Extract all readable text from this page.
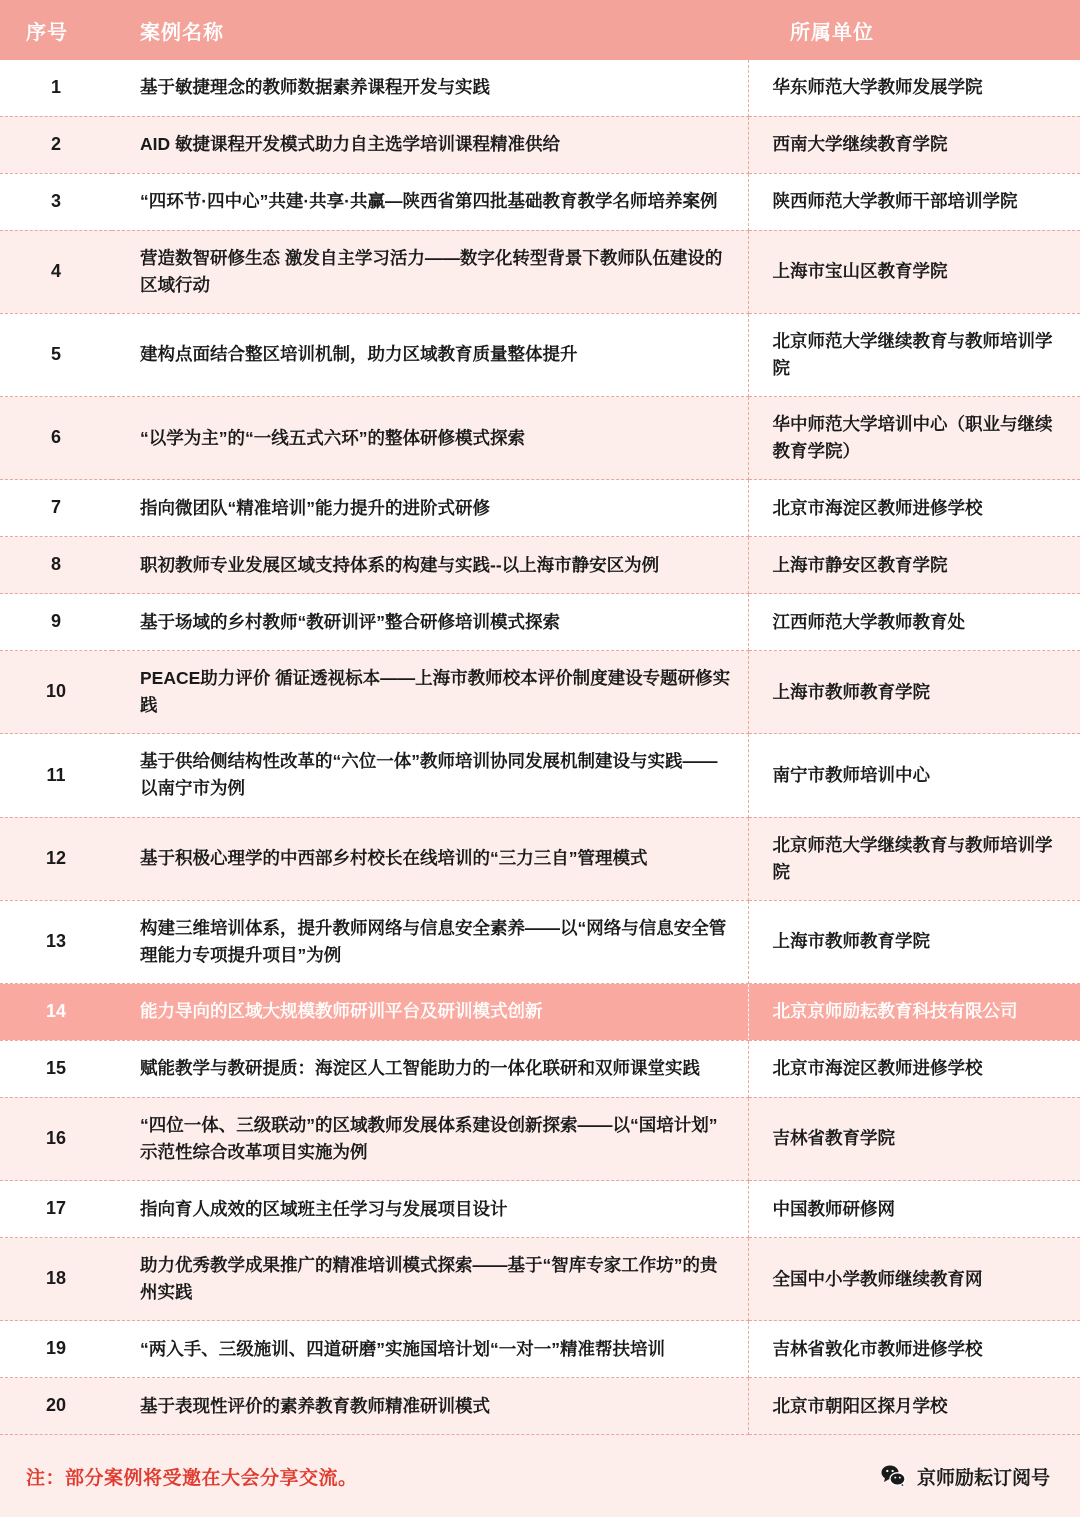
序号	案例名称	所属单位
1	基于敏捷理念的教师数据素养课程开发与实践	华东师范大学教师发展学院
2	AID 敏捷课程开发模式助力自主选学培训课程精准供给	西南大学继续教育学院
3	“四环节·四中心”共建·共享·共赢—陕西省第四批基础教育教学名师培养案例	陕西师范大学教师干部培训学院
4	营造数智研修生态 激发自主学习活力——数字化转型背景下教师队伍建设的区域行动	上海市宝山区教育学院
5	建构点面结合整区培训机制，助力区域教育质量整体提升	北京师范大学继续教育与教师培训学院
6	“以学为主”的“一线五式六环”的整体研修模式探索	华中师范大学培训中心（职业与继续教育学院）
7	指向微团队“精准培训”能力提升的进阶式研修	北京市海淀区教师进修学校
8	职初教师专业发展区域支持体系的构建与实践--以上海市静安区为例	上海市静安区教育学院
9	基于场域的乡村教师“教研训评”整合研修培训模式探索	江西师范大学教师教育处
10	PEACE助力评价 循证透视标本——上海市教师校本评价制度建设专题研修实践	上海市教师教育学院
11	基于供给侧结构性改革的“六位一体”教师培训协同发展机制建设与实践——以南宁市为例	南宁市教师培训中心
12	基于积极心理学的中西部乡村校长在线培训的“三力三自”管理模式	北京师范大学继续教育与教师培训学院
13	构建三维培训体系，提升教师网络与信息安全素养——以“网络与信息安全管理能力专项提升项目”为例	上海市教师教育学院
14	能力导向的区域大规模教师研训平台及研训模式创新	北京京师励耘教育科技有限公司
15	赋能教学与教研提质：海淀区人工智能助力的一体化联研和双师课堂实践	北京市海淀区教师进修学校
16	“四位一体、三级联动”的区域教师发展体系建设创新探索——以“国培计划”示范性综合改革项目实施为例	吉林省教育学院
17	指向育人成效的区域班主任学习与发展项目设计	中国教师研修网
18	助力优秀教学成果推广的精准培训模式探索——基于“智库专家工作坊”的贵州实践	全国中小学教师继续教育网
19	“两入手、三级施训、四道研磨”实施国培计划“一对一”精准帮扶培训	吉林省敦化市教师进修学校
20	基于表现性评价的素养教育教师精准研训模式	北京市朝阳区探月学校
注：部分案例将受邀在大会分享交流。	京师励耘订阅号
